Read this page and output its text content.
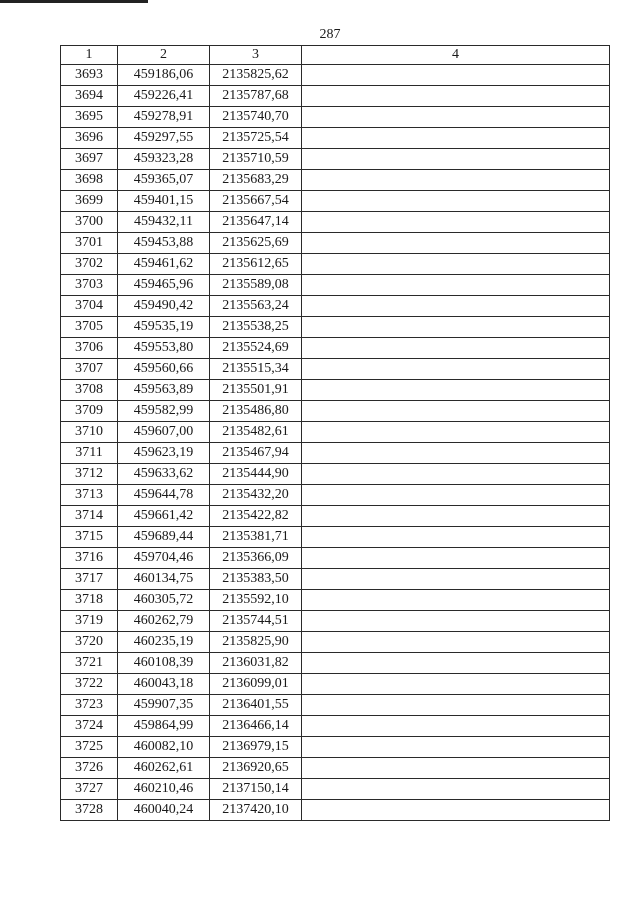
287
1	2	3	4
3693	459186,06	2135825,62	
3694	459226,41	2135787,68	
3695	459278,91	2135740,70	
3696	459297,55	2135725,54	
3697	459323,28	2135710,59	
3698	459365,07	2135683,29	
3699	459401,15	2135667,54	
3700	459432,11	2135647,14	
3701	459453,88	2135625,69	
3702	459461,62	2135612,65	
3703	459465,96	2135589,08	
3704	459490,42	2135563,24	
3705	459535,19	2135538,25	
3706	459553,80	2135524,69	
3707	459560,66	2135515,34	
3708	459563,89	2135501,91	
3709	459582,99	2135486,80	
3710	459607,00	2135482,61	
3711	459623,19	2135467,94	
3712	459633,62	2135444,90	
3713	459644,78	2135432,20	
3714	459661,42	2135422,82	
3715	459689,44	2135381,71	
3716	459704,46	2135366,09	
3717	460134,75	2135383,50	
3718	460305,72	2135592,10	
3719	460262,79	2135744,51	
3720	460235,19	2135825,90	
3721	460108,39	2136031,82	
3722	460043,18	2136099,01	
3723	459907,35	2136401,55	
3724	459864,99	2136466,14	
3725	460082,10	2136979,15	
3726	460262,61	2136920,65	
3727	460210,46	2137150,14	
3728	460040,24	2137420,10	
